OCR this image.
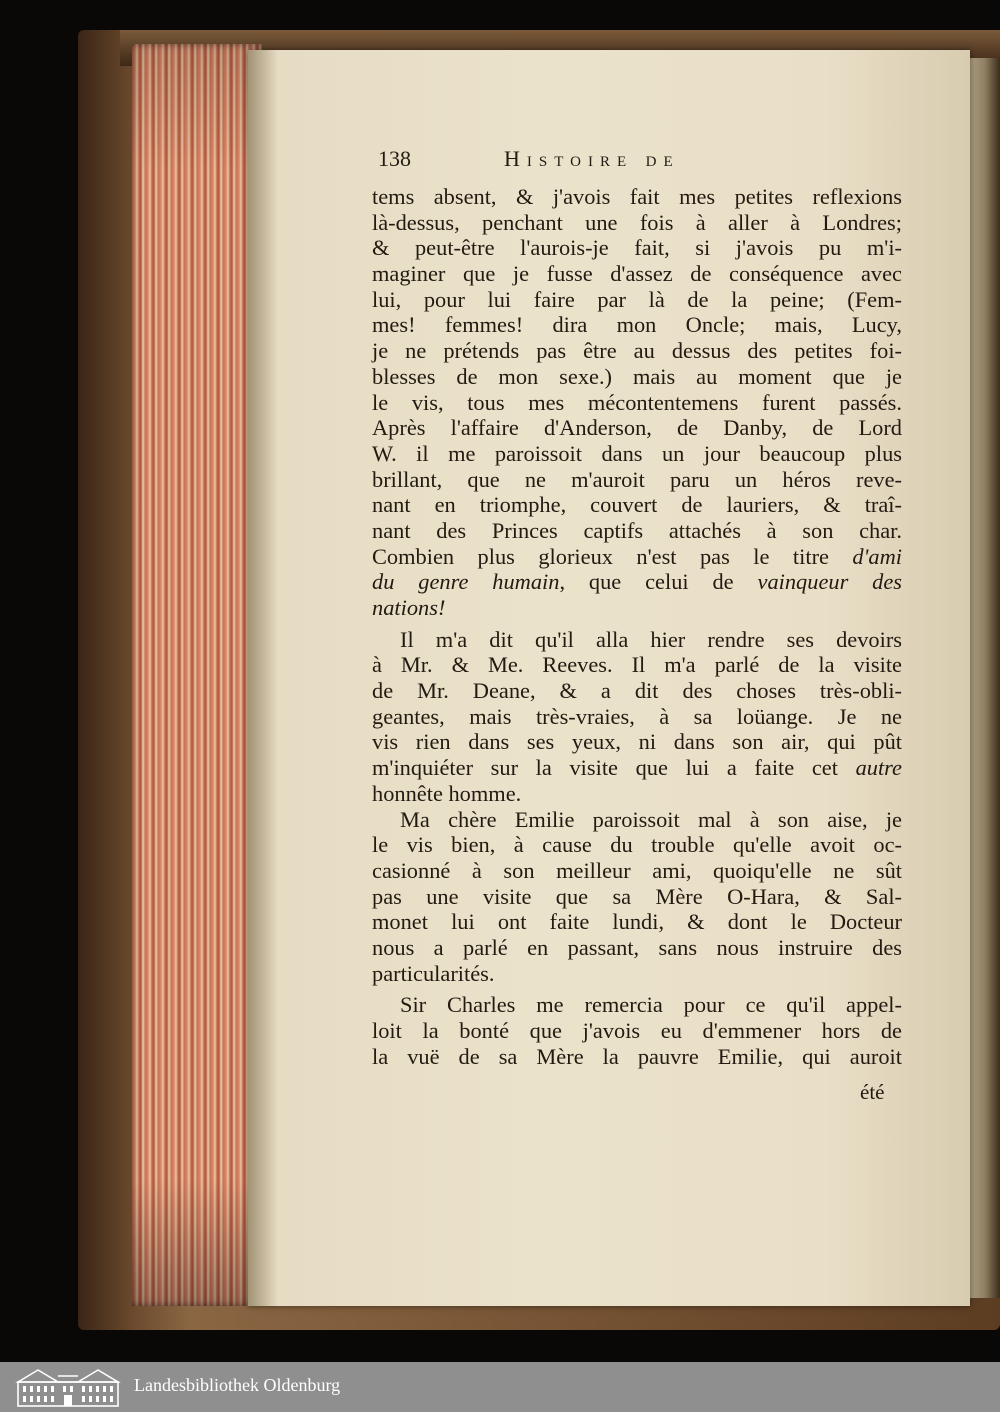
138	Histoire de
tems absent, & j'avois fait mes petites reflexions
là-dessus, penchant une fois à aller à Londres;
& peut-être l'aurois-je fait, si j'avois pu m'i-
maginer que je fusse d'assez de conséquence avec
lui, pour lui faire par là de la peine; (Fem-
mes! femmes! dira mon Oncle; mais, Lucy,
je ne prétends pas être au dessus des petites foi-
blesses de mon sexe.) mais au moment que je
le vis, tous mes mécontentemens furent passés.
Après l'affaire d'Anderson, de Danby, de Lord
W. il me paroissoit dans un jour beaucoup plus
brillant, que ne m'auroit paru un héros reve-
nant en triomphe, couvert de lauriers, & traî-
nant des Princes captifs attachés à son char.
Combien plus glorieux n'est pas le titre d'ami
du genre humain, que celui de vainqueur des
nations!
Il m'a dit qu'il alla hier rendre ses devoirs
à Mr. & Me. Reeves. Il m'a parlé de la visite
de Mr. Deane, & a dit des choses très-obli-
geantes, mais très-vraies, à sa loüange. Je ne
vis rien dans ses yeux, ni dans son air, qui pût
m'inquiéter sur la visite que lui a faite cet autre
honnête homme.
Ma chère Emilie paroissoit mal à son aise, je
le vis bien, à cause du trouble qu'elle avoit oc-
casionné à son meilleur ami, quoiqu'elle ne sût
pas une visite que sa Mère O-Hara, & Sal-
monet lui ont faite lundi, & dont le Docteur
nous a parlé en passant, sans nous instruire des
particularités.
Sir Charles me remercia pour ce qu'il appel-
loit la bonté que j'avois eu d'emmener hors de
la vuë de sa Mère la pauvre Emilie, qui auroit
été
Landesbibliothek Oldenburg
